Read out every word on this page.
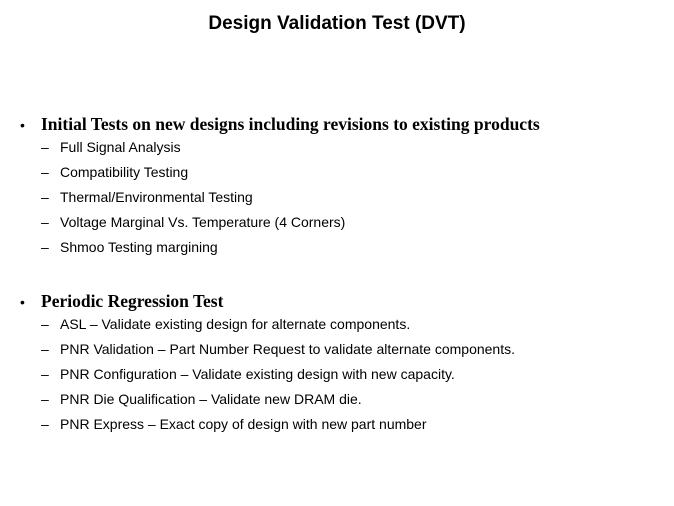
Design Validation Test (DVT)
• Initial Tests on new designs including revisions to existing products
– Full Signal Analysis
– Compatibility Testing
– Thermal/Environmental Testing
– Voltage Marginal Vs. Temperature (4 Corners)
– Shmoo Testing margining
• Periodic Regression Test
– ASL – Validate existing design for alternate components.
– PNR Validation – Part Number Request to validate alternate components.
– PNR Configuration – Validate existing design with new capacity.
– PNR Die Qualification – Validate new DRAM die.
– PNR Express – Exact copy of design with new part number
